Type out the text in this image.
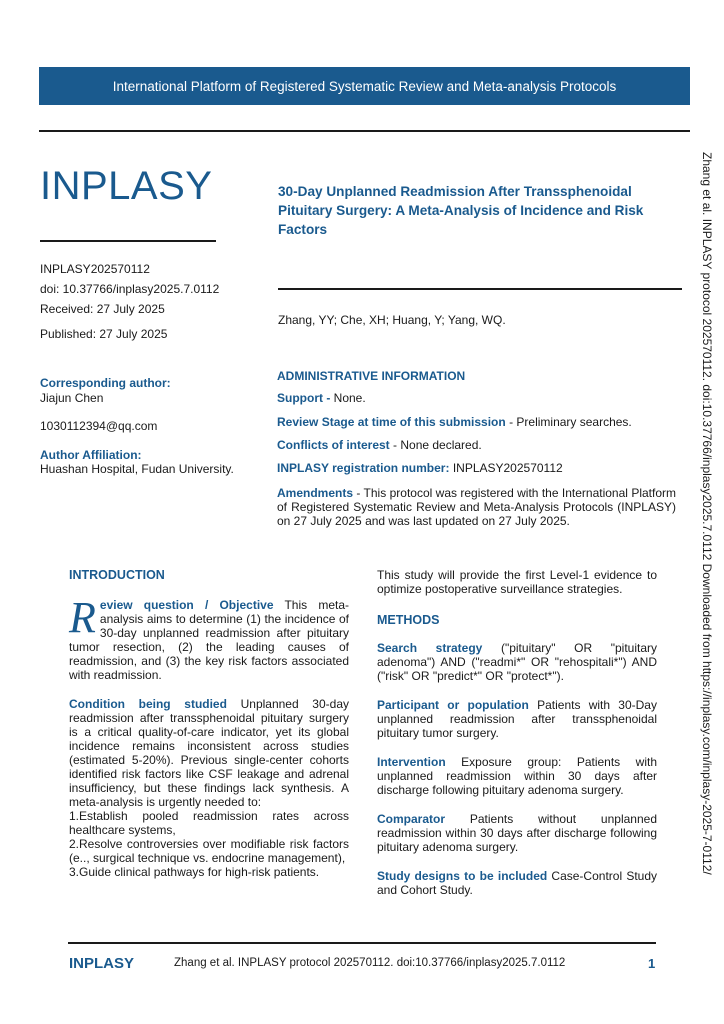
International Platform of Registered Systematic Review and Meta-analysis Protocols
INPLASY
INPLASY202570112
doi: 10.37766/inplasy2025.7.0112
Received: 27 July 2025
Published: 27 July 2025
Corresponding author:
Jiajun Chen
1030112394@qq.com
Author Affiliation:
Huashan Hospital, Fudan University.
30-Day Unplanned Readmission After Transsphenoidal Pituitary Surgery: A Meta-Analysis of Incidence and Risk Factors
Zhang, YY; Che, XH; Huang, Y; Yang, WQ.
ADMINISTRATIVE INFORMATION
Support - None.
Review Stage at time of this submission - Preliminary searches.
Conflicts of interest - None declared.
INPLASY registration number: INPLASY202570112
Amendments - This protocol was registered with the International Platform of Registered Systematic Review and Meta-Analysis Protocols (INPLASY) on 27 July 2025 and was last updated on 27 July 2025.
INTRODUCTION

Review question / Objective This meta-analysis aims to determine (1) the incidence of 30-day unplanned readmission after pituitary tumor resection, (2) the leading causes of readmission, and (3) the key risk factors associated with readmission.

Condition being studied Unplanned 30-day readmission after transsphenoidal pituitary surgery is a critical quality-of-care indicator, yet its global incidence remains inconsistent across studies (estimated 5-20%). Previous single-center cohorts identified risk factors like CSF leakage and adrenal insufficiency, but these findings lack synthesis. A meta-analysis is urgently needed to:

1.Establish pooled readmission rates across healthcare systems,
2.Resolve controversies over modifiable risk factors (e.., surgical technique vs. endocrine management),
3.Guide clinical pathways for high-risk patients.

This study will provide the first Level-1 evidence to optimize postoperative surveillance strategies.

METHODS

Search strategy ("pituitary" OR "pituitary adenoma") AND ("readmi*" OR "rehospitali*") AND ("risk" OR "predict*" OR "protect*").

Participant or population Patients with 30-Day unplanned readmission after transsphenoidal pituitary tumor surgery.

Intervention Exposure group: Patients with unplanned readmission within 30 days after discharge following pituitary adenoma surgery.

Comparator Patients without unplanned readmission within 30 days after discharge following pituitary adenoma surgery.

Study designs to be included Case-Control Study and Cohort Study.

INPLASY	Zhang et al. INPLASY protocol 202570112. doi:10.37766/inplasy2025.7.0112	1
Zhang et al. INPLASY protocol 202570112. doi:10.37766/inplasy2025.7.0112 Downloaded from https://inplasy.com/inplasy-2025-7-0112/
